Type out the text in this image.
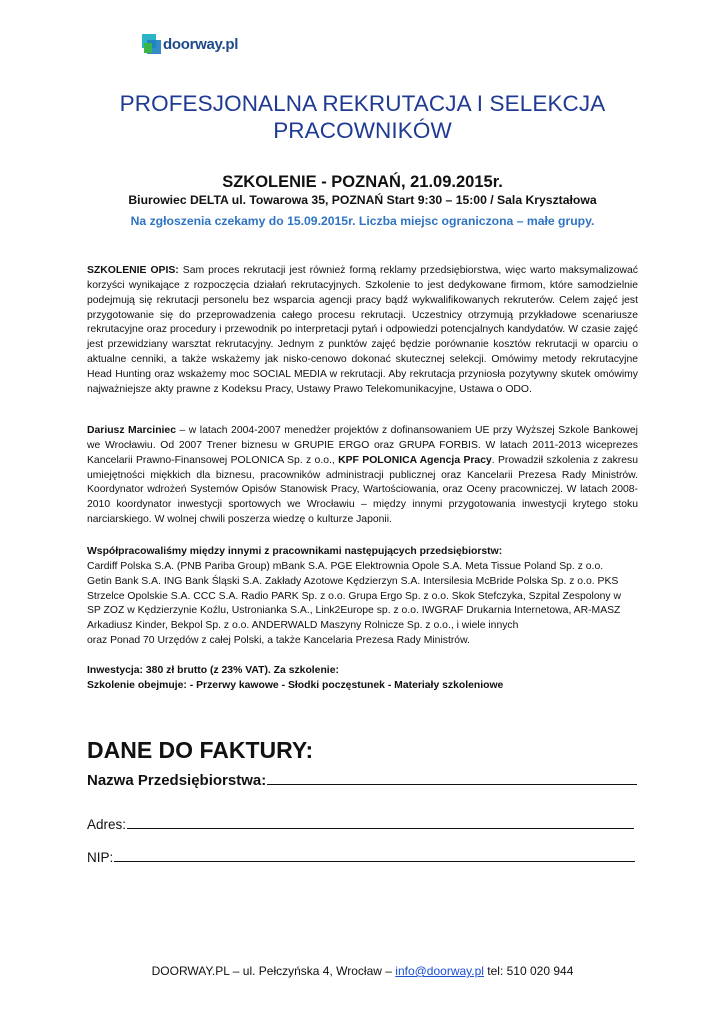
doorway.pl
PROFESJONALNA REKRUTACJA I SELEKCJA
PRACOWNIKÓW
SZKOLENIE - POZNAŃ, 21.09.2015r.
Biurowiec DELTA ul. Towarowa 35, POZNAŃ Start 9:30 – 15:00 / Sala Kryształowa
Na zgłoszenia czekamy do 15.09.2015r. Liczba miejsc ograniczona – małe grupy.
SZKOLENIE OPIS: Sam proces rekrutacji jest również formą reklamy przedsiębiorstwa, więc warto maksymalizować korzyści wynikające z rozpoczęcia działań rekrutacyjnych. Szkolenie to jest dedykowane firmom, które samodzielnie podejmują się rekrutacji personelu bez wsparcia agencji pracy bądź wykwalifikowanych rekruterów. Celem zajęć jest przygotowanie się do przeprowadzenia całego procesu rekrutacji. Uczestnicy otrzymują przykładowe scenariusze rekrutacyjne oraz procedury i przewodnik po interpretacji pytań i odpowiedzi potencjalnych kandydatów. W czasie zajęć jest przewidziany warsztat rekrutacyjny. Jednym z punktów zajęć będzie porównanie kosztów rekrutacji w oparciu o aktualne cenniki, a także wskażemy jak nisko-cenowo dokonać skutecznej selekcji. Omówimy metody rekrutacyjne Head Hunting oraz wskażemy moc SOCIAL MEDIA w rekrutacji. Aby rekrutacja przyniosła pozytywny skutek omówimy najważniejsze akty prawne z Kodeksu Pracy, Ustawy Prawo Telekomunikacyjne, Ustawa o ODO.
Dariusz Marciniec – w latach 2004-2007 menedżer projektów z dofinansowaniem UE przy Wyższej Szkole Bankowej we Wrocławiu. Od 2007 Trener biznesu w GRUPIE ERGO oraz GRUPA FORBIS. W latach 2011-2013 wiceprezes Kancelarii Prawno-Finansowej POLONICA Sp. z o.o., KPF POLONICA Agencja Pracy. Prowadził szkolenia z zakresu umiejętności miękkich dla biznesu, pracowników administracji publicznej oraz Kancelarii Prezesa Rady Ministrów. Koordynator wdrożeń Systemów Opisów Stanowisk Pracy, Wartościowania, oraz Oceny pracowniczej. W latach 2008-2010 koordynator inwestycji sportowych we Wrocławiu – między innymi przygotowania inwestycji krytego stoku narciarskiego. W wolnej chwili poszerza wiedzę o kulturze Japonii.
Współpracowaliśmy między innymi z pracownikami następujących przedsiębiorstw:
Cardiff Polska S.A. (PNB Pariba Group) mBank S.A. PGE Elektrownia Opole S.A. Meta Tissue Poland Sp. z o.o.
Getin Bank S.A. ING Bank Śląski S.A. Zakłady Azotowe Kędzierzyn S.A. Intersilesia McBride Polska Sp. z o.o. PKS
Strzelce Opolskie S.A. CCC S.A. Radio PARK Sp. z o.o. Grupa Ergo Sp. z o.o. Skok Stefczyka, Szpital Zespolony w
SP ZOZ w Kędzierzynie Koźlu, Ustronianka S.A., Link2Europe sp. z o.o. IWGRAF Drukarnia Internetowa, AR-MASZ
Arkadiusz Kinder, Bekpol Sp. z o.o. ANDERWALD Maszyny Rolnicze Sp. z o.o., i wiele innych
oraz Ponad 70 Urzędów z całej Polski, a także Kancelaria Prezesa Rady Ministrów.
Inwestycja: 380 zł brutto (z 23% VAT). Za szkolenie:
Szkolenie obejmuje: - Przerwy kawowe - Słodki poczęstunek - Materiały szkoleniowe
DANE DO FAKTURY:
Nazwa Przedsiębiorstwa:
Adres:
NIP:
DOORWAY.PL – ul. Pełczyńska 4, Wrocław – info@doorway.pl tel: 510 020 944
